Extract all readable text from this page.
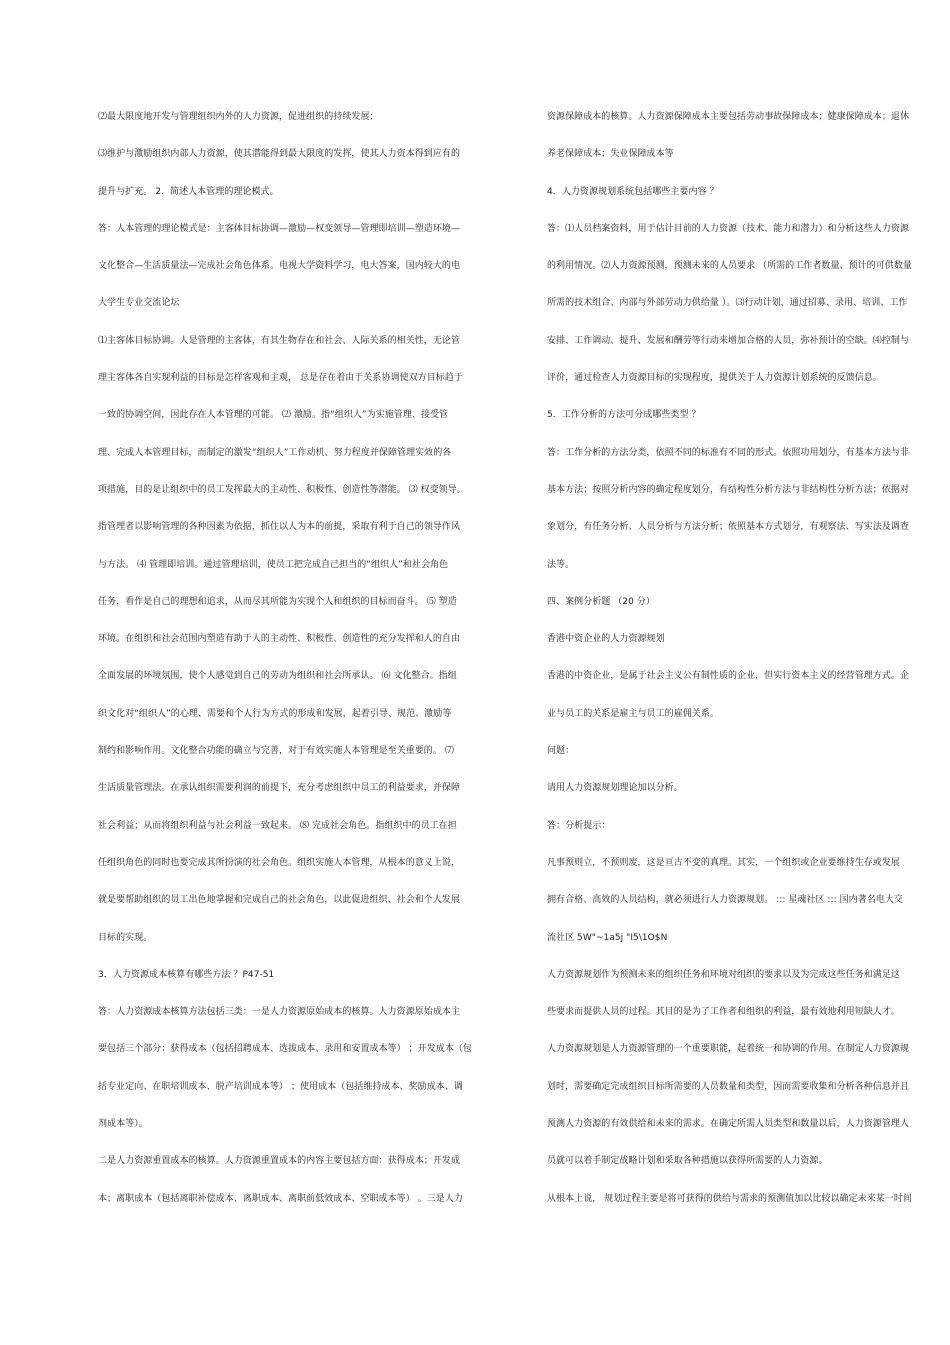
⑵最大限度地开发与管理组织内外的人力资源，促进组织的持续发展；
⑶维护与激励组织内部人力资源，使其潜能得到最大限度的发挥，使其人力资本得到应有的
提升与扩充。 2．简述人本管理的理论模式。
答：人本管理的理论模式是：主客体目标协调—激励—权变领导—管理即培训—塑造环境—
文化整合—生活质量法—完成社会角色体系。电视大学资料学习，电大答案，国内较大的电
大学生专业交流论坛
⑴主客体目标协调。人是管理的主客体，有其生物存在和社会、人际关系的相关性，无论管
理主客体各自实现利益的目标是怎样客观和主观， 总是存在着由于关系协调使双方目标趋于
一致的协调空间，因此存在人本管理的可能。 ⑵ 激励。指“组织人”为实施管理、接受管
理、完成人本管理目标，而制定的激发“组织人”工作动机、努力程度并保障管理实效的各
项措施，目的是让组织中的员工发挥最大的主动性、积极性、创造性等潜能。 ⑶ 权变领导。
指管理者以影响管理的各种因素为依据，抓住以人为本的前提，采取有利于自己的领导作风
与方法。 ⑷ 管理即培训。通过管理培训，使员工把完成自己担当的“组织人”和社会角色
任务，看作是自己的理想和追求，从而尽其所能为实现个人和组织的目标而奋斗。 ⑸ 塑造
环境。在组织和社会范围内塑造有助于人的主动性、积极性、创造性的充分发挥和人的自由
全面发展的环境氛围，使个人感觉到自己的劳动为组织和社会所承认。 ⑹ 文化整合。指组
织文化对“组织人”的心理、需要和个人行为方式的形成和发展，起着引导、规范、激励等
制约和影响作用。文化整合功能的确立与完善，对于有效实施人本管理是至关重要的。 ⑺
生活质量管理法。在承认组织需要利润的前提下，充分考虑组织中员工的利益要求，并保障
社会利益；从而将组织利益与社会利益一致起来。 ⑻ 完成社会角色。指组织中的员工在担
任组织角色的同时也要完成其所扮演的社会角色。组织实施人本管理，从根本的意义上说，
就是要帮助组织的员工出色地掌握和完成自己的社会角色，以此促进组织、社会和个人发展
目标的实现。
3．人力资源成本核算有哪些方法 ？P47-51
答：人力资源成本核算方法包括三类：一是人力资源原始成本的核算。人力资源原始成本主
要包括三个部分：获得成本（包括招聘成本、选拔成本、录用和安置成本等） ；开发成本（包
括专业定向、在职培训成本、脱产培训成本等） ；使用成本（包括维持成本、奖励成本、调
剂成本等）。
二是人力资源重置成本的核算。人力资源重置成本的内容主要包括方面：获得成本；开发成
本；离职成本（包括离职补偿成本、离职成本、离职前低效成本、空职成本等） 。三是人力
资源保障成本的核算。人力资源保障成本主要包括劳动事故保障成本；健康保障成本；退休
养老保障成本；失业保障成本等
4．人力资源规划系统包括哪些主要内容 ？
答：⑴人员档案资料，用于估计目前的人力资源（技术、能力和潜力）和分析这些人力资源
的利用情况。⑵人力资源预测，预测未来的人员要求 （所需的工作者数量、预计的可供数量
所需的技术组合、内部与外部劳动力供给量 ）。⑶行动计划，通过招募、录用、培训、工作
安排、工作调动、提升、发展和酬劳等行动来增加合格的人员，弥补预计的空缺。⑷控制与
评价，通过检查人力资源目标的实现程度，提供关于人力资源计划系统的反馈信息。
5．工作分析的方法可分成哪些类型 ？
答：工作分析的方法分类，依照不同的标准有不同的形式。依照功用划分，有基本方法与非
基本方法；按照分析内容的确定程度划分，有结构性分析方法与非结构性分析方法；依据对
象划分，有任务分析、人员分析与方法分析；依照基本方式划分，有观察法、写实法及调查
法等。
四、案例分析题 （20 分）
香港中资企业的人力资源规划
香港的中资企业，是属于社会主义公有制性质的企业，但实行资本主义的经营管理方式。企
业与员工的关系是雇主与员工的雇佣关系。
问题：
请用人力资源规划理论加以分析。
答：分析提示：
凡事预则立，不预则废，这是亘古不变的真理。其实，一个组织或企业要维持生存或发展
拥有合格、高效的人员结构，就必须进行人力资源规划。 ::: 星魂社区 ::: 国内著名电大交
流社区 5W"~1a5j "I5\1O$N
人力资源规划作为预测未来的组织任务和环境对组织的要求以及为完成这些任务和满足这
些要求而提供人员的过程。其目的是为了工作者和组织的利益，最有效地利用短缺人才。
人力资源规划是人力资源管理的一个重要职能，起着统一和协调的作用。在制定人力资源规
划时，需要确定完成组织目标所需要的人员数量和类型，因而需要收集和分析各种信息并且
预测人力资源的有效供给和未来的需求。在确定所需人员类型和数量以后，人力资源管理人
员就可以着手制定战略计划和采取各种措施以获得所需要的人力资源。
从根本上说， 规划过程主要是将可获得的供给与需求的预测值加以比较以确定未来某一时间
